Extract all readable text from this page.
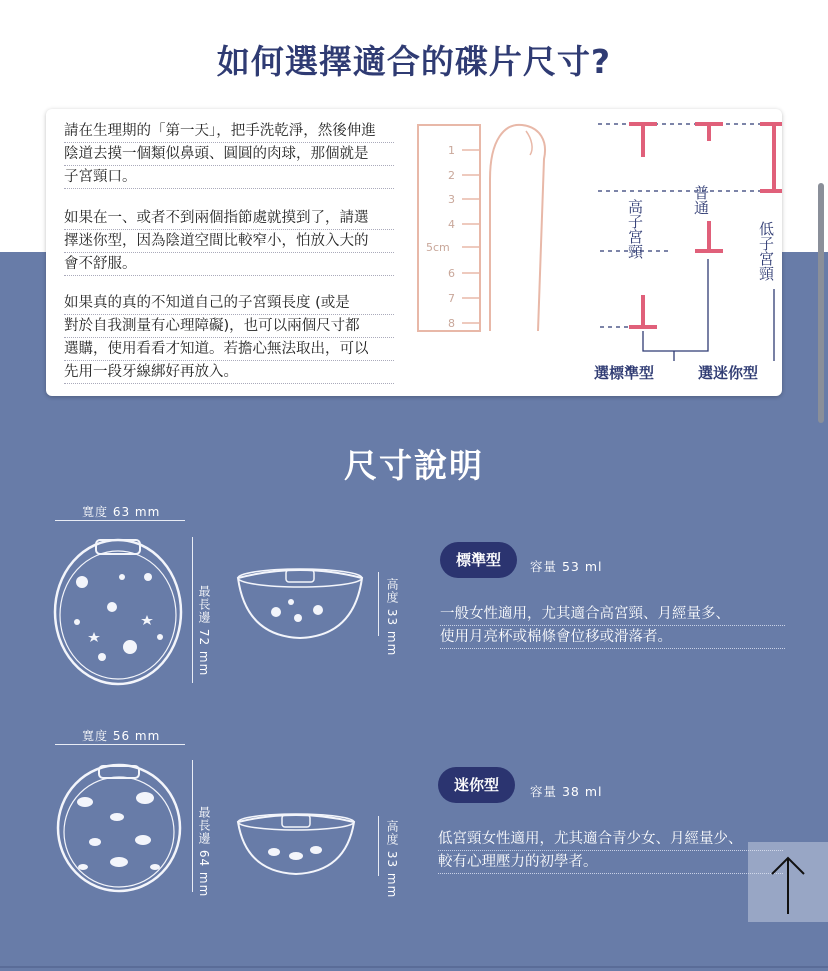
如何選擇適合的碟片尺寸?
請在生理期的「第一天」，把手洗乾淨，然後伸進
陰道去摸一個類似鼻頭、圓圓的肉球，那個就是
子宮頸口。
如果在一、或者不到兩個指節處就摸到了，請選
擇迷你型，因為陰道空間比較窄小，怕放入大的
會不舒服。
如果真的真的不知道自己的子宮頸長度 (或是
對於自我測量有心理障礙)，也可以兩個尺寸都
選購，使用看看才知道。若擔心無法取出，可以
先用一段牙線綁好再放入。
1
2
3
4
5cm
6
7
8
高子宮頸	普通
低子宮頸
選標準型	選迷你型
尺寸說明
寬度 63 mm
最長邊 72 mm	高度 33 mm
標準型	容量 53 ml
一般女性適用，尤其適合高宮頸、月經量多、
使用月亮杯或棉條會位移或滑落者。
寬度 56 mm
最長邊 64 mm	高度 33 mm
迷你型	容量 38 ml
低宮頸女性適用，尤其適合青少女、月經量少、
較有心理壓力的初學者。
